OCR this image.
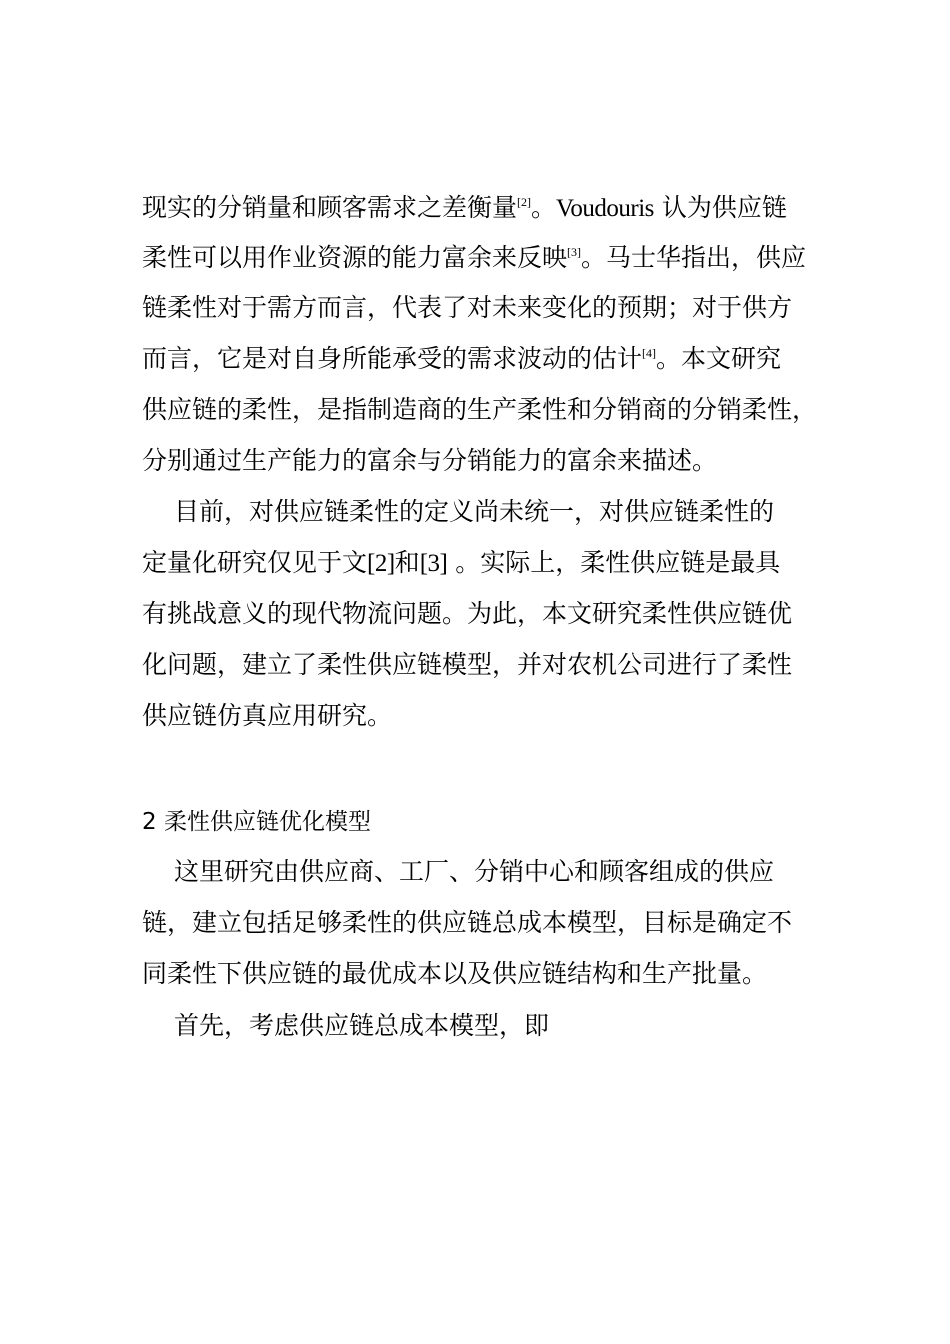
现实的分销量和顾客需求之差衡量[2]。Voudouris 认为供应链
柔性可以用作业资源的能力富余来反映[3]。马士华指出，供应
链柔性对于需方而言，代表了对未来变化的预期；对于供方
而言，它是对自身所能承受的需求波动的估计[4]。本文研究
供应链的柔性，是指制造商的生产柔性和分销商的分销柔性，
分别通过生产能力的富余与分销能力的富余来描述。
目前，对供应链柔性的定义尚未统一，对供应链柔性的
定量化研究仅见于文[2]和[3] 。实际上，柔性供应链是最具
有挑战意义的现代物流问题。为此，本文研究柔性供应链优
化问题，建立了柔性供应链模型，并对农机公司进行了柔性
供应链仿真应用研究。
2 柔性供应链优化模型
这里研究由供应商、工厂、分销中心和顾客组成的供应
链，建立包括足够柔性的供应链总成本模型，目标是确定不
同柔性下供应链的最优成本以及供应链结构和生产批量。
首先，考虑供应链总成本模型，即
